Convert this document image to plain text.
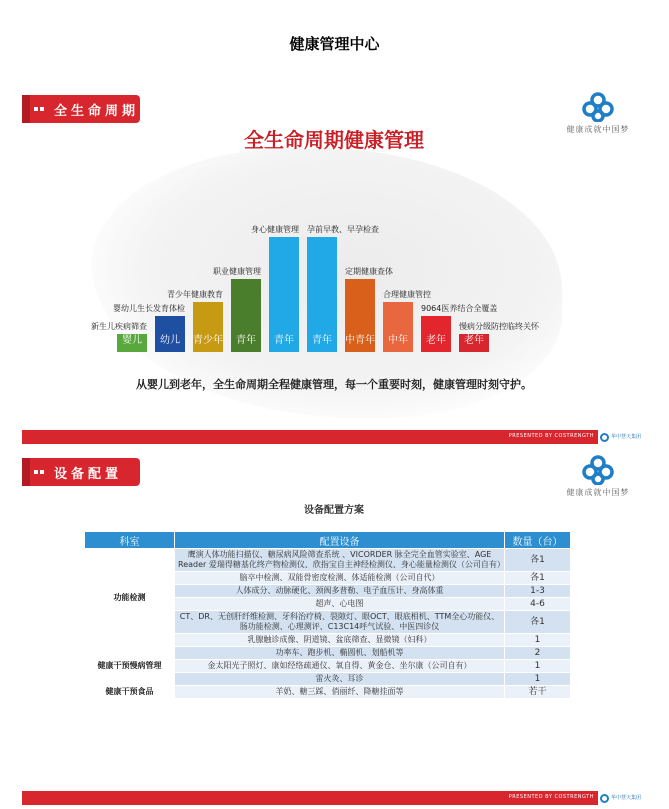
健康管理中心
全生命周期
健康成就中国梦
全生命周期健康管理
婴儿
新生儿疾病筛查
幼儿
婴幼儿生长发育体检
青少年
青少年健康教育
青年
职业健康管理
青年
身心健康管理
青年
孕前早教、早孕检查
中青年
定期健康查体
中年
合理健康管控
老年
9064医养结合全覆盖
老年
慢病分级防控临终关怀
从婴儿到老年，全生命周期全程健康管理，每一个重要时刻，健康管理时刻守护。
PRESENTED BY COSTRENGTH	华中慧天集团
设备配置
健康成就中国梦
设备配置方案
科室	配置设备	数量（台）
功能检测	鹰演人体功能扫描仪、糖尿病风险筛查系统 、VICORDER 脉全完全血管实验室、AGE Reader 爱瑞得糖基化终产物检测仪、欣指宝自主神经检测仪、身心能量检测仪（公司自有）	各1
	脑卒中检测、双能骨密度检测、体适能检测（公司自代）	各1
	人体成分、动脉硬化、颈阀多普勒、电子血压计、身高体重	1-3
	超声、心电图	4-6
	CT、DR、无创肝纤维检测、牙科治疗椅、裂隙灯、眼OCT、眼底相机、TTM全心功能仪、肠功能检测、心理测评、C13C14呼气试验、中医四诊仪	各1
	乳腺触诊成像、阴道镜、盆底筛查、显微镜（妇科）	1
健康干预慢病管理	功率车、跑步机、椭圆机、划船机等	2
	金太阳光子照灯、康如经络疏通仪、氧自得、黄金仓、坐尔康（公司自有）	1
	雷火灸、耳诊	1
健康干预食品	羊奶、糖三踩、俏丽纤、降糖挂面等	若干
PRESENTED BY COSTRENGTH	华中慧天集团
